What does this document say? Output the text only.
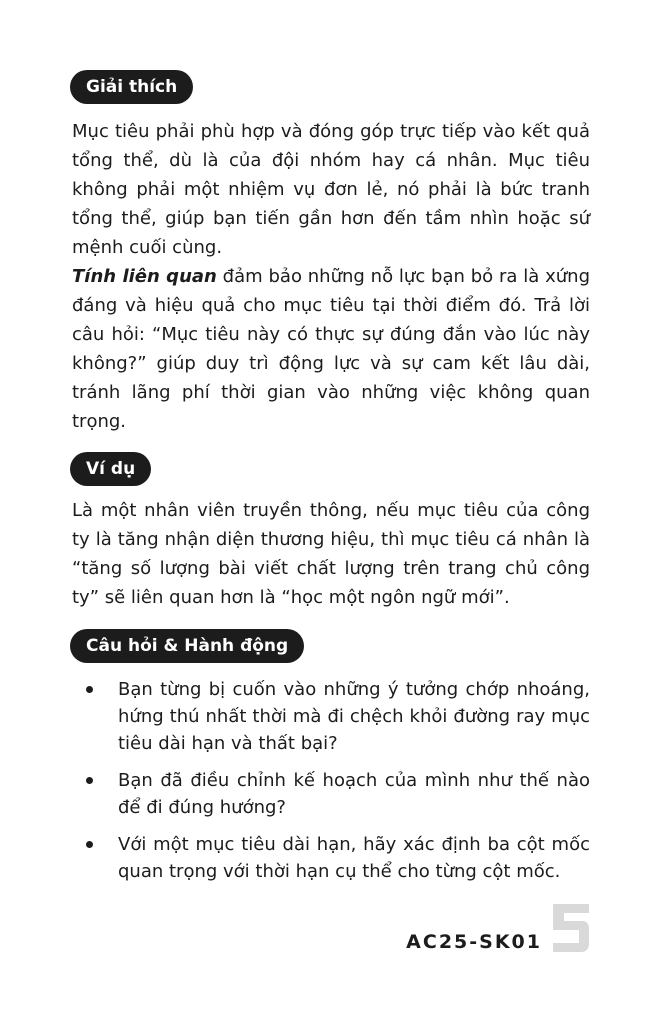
Giải thích

Mục tiêu phải phù hợp và đóng góp trực tiếp vào kết quả tổng thể, dù là của đội nhóm hay cá nhân. Mục tiêu không phải một nhiệm vụ đơn lẻ, nó phải là bức tranh tổng thể, giúp bạn tiến gần hơn đến tầm nhìn hoặc sứ mệnh cuối cùng.

Tính liên quan đảm bảo những nỗ lực bạn bỏ ra là xứng đáng và hiệu quả cho mục tiêu tại thời điểm đó. Trả lời câu hỏi: “Mục tiêu này có thực sự đúng đắn vào lúc này không?” giúp duy trì động lực và sự cam kết lâu dài, tránh lãng phí thời gian vào những việc không quan trọng.

Ví dụ

Là một nhân viên truyền thông, nếu mục tiêu của công ty là tăng nhận diện thương hiệu, thì mục tiêu cá nhân là “tăng số lượng bài viết chất lượng trên trang chủ công ty” sẽ liên quan hơn là “học một ngôn ngữ mới”.

Câu hỏi & Hành động
Bạn từng bị cuốn vào những ý tưởng chớp nhoáng, hứng thú nhất thời mà đi chệch khỏi đường ray mục tiêu dài hạn và thất bại?
Bạn đã điều chỉnh kế hoạch của mình như thế nào để đi đúng hướng?
Với một mục tiêu dài hạn, hãy xác định ba cột mốc quan trọng với thời hạn cụ thể cho từng cột mốc.
AC25-SK01
